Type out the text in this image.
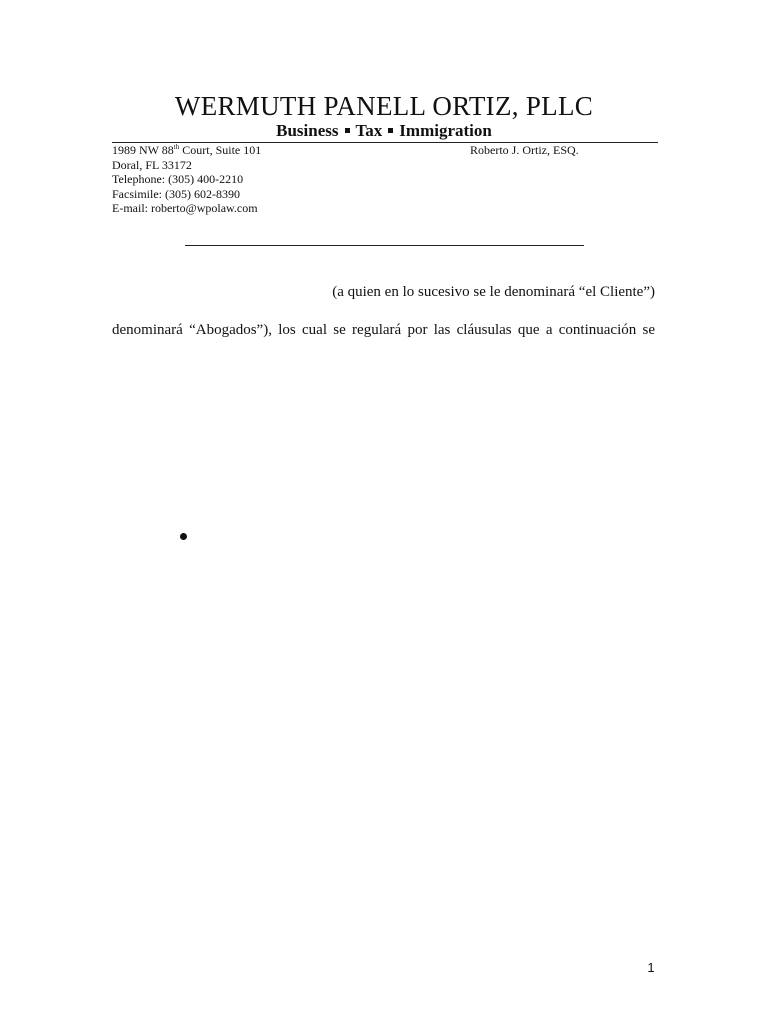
WERMUTH PANELL ORTIZ, PLLC
Business Tax Immigration
1989 NW 88th Court, Suite 101
Doral, FL 33172
Telephone: (305) 400-2210
Facsimile: (305) 602-8390
E-mail: roberto@wpolaw.com
Roberto J. Ortiz, ESQ.
(a quien en lo sucesivo se le denominará “el Cliente”)
denominará “Abogados”), los cual se regulará por las cláusulas que a continuación se
1
